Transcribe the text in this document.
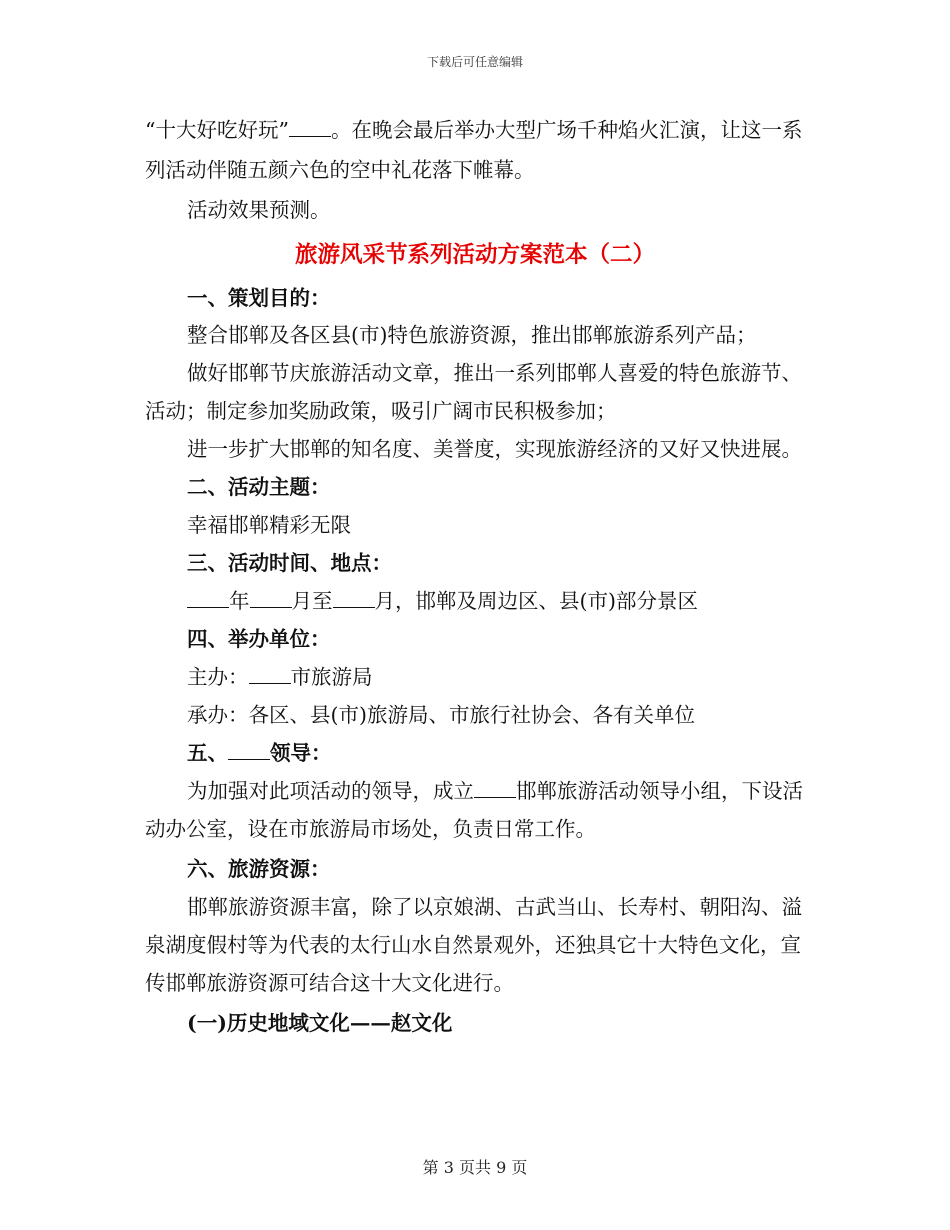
下载后可任意编辑

“十大好吃好玩” 。在晚会最后举办大型广场千种焰火汇演，让这一系列活动伴随五颜六色的空中礼花落下帷幕。

活动效果预测。

旅游风采节系列活动方案范本（二）

一、策划目的：

整合邯郸及各区县(市)特色旅游资源，推出邯郸旅游系列产品；

做好邯郸节庆旅游活动文章，推出一系列邯郸人喜爱的特色旅游节、活动；制定参加奖励政策，吸引广阔市民积极参加；

进一步扩大邯郸的知名度、美誉度，实现旅游经济的又好又快进展。

二、活动主题：

幸福邯郸精彩无限

三、活动时间、地点：

年 月至 月，邯郸及周边区、县(市)部分景区

四、举办单位：

主办： 市旅游局

承办：各区、县(市)旅游局、市旅行社协会、各有关单位

五、 领导：

为加强对此项活动的领导，成立 邯郸旅游活动领导小组，下设活动办公室，设在市旅游局市场处，负责日常工作。

六、旅游资源：

邯郸旅游资源丰富，除了以京娘湖、古武当山、长寿村、朝阳沟、溢泉湖度假村等为代表的太行山水自然景观外，还独具它十大特色文化，宣传邯郸旅游资源可结合这十大文化进行。

(一)历史地域文化——赵文化

第 3 页共 9 页
